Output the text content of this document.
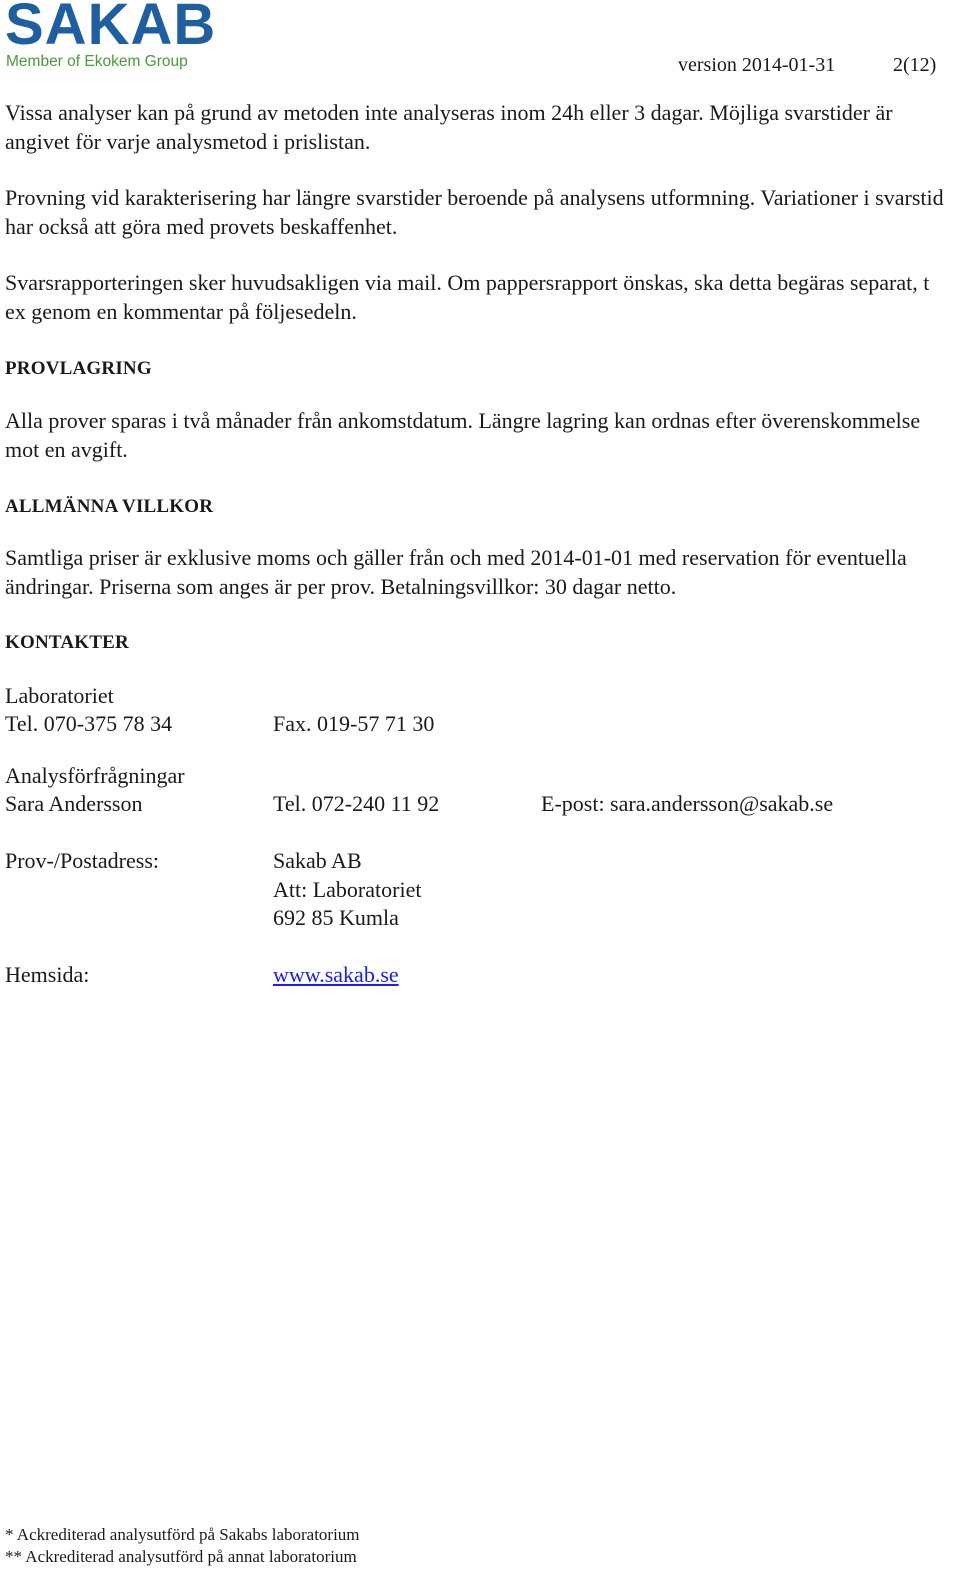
SAKAB
Member of Ekokem Group	version 2014-01-31	2(12)

Vissa analyser kan på grund av metoden inte analyseras inom 24h eller 3 dagar. Möjliga svarstider är angivet för varje analysmetod i prislistan.

Provning vid karakterisering har längre svarstider beroende på analysens utformning. Variationer i svarstid har också att göra med provets beskaffenhet.

Svarsrapporteringen sker huvudsakligen via mail. Om pappersrapport önskas, ska detta begäras separat, t ex genom en kommentar på följesedeln.

PROVLAGRING

Alla prover sparas i två månader från ankomstdatum. Längre lagring kan ordnas efter överenskommelse mot en avgift.

ALLMÄNNA VILLKOR

Samtliga priser är exklusive moms och gäller från och med 2014-01-01 med reservation för eventuella ändringar. Priserna som anges är per prov. Betalningsvillkor: 30 dagar netto.

KONTAKTER
Laboratoriet
Tel. 070-375 78 34	Fax. 019-57 71 30
Analysförfrågningar
Sara Andersson	Tel. 072-240 11 92	E-post: sara.andersson@sakab.se
Prov-/Postadress:	Sakab AB
Att: Laboratoriet
692 85 Kumla
Hemsida:	www.sakab.se
* Ackrediterad analysutförd på Sakabs laboratorium
** Ackrediterad analysutförd på annat laboratorium
